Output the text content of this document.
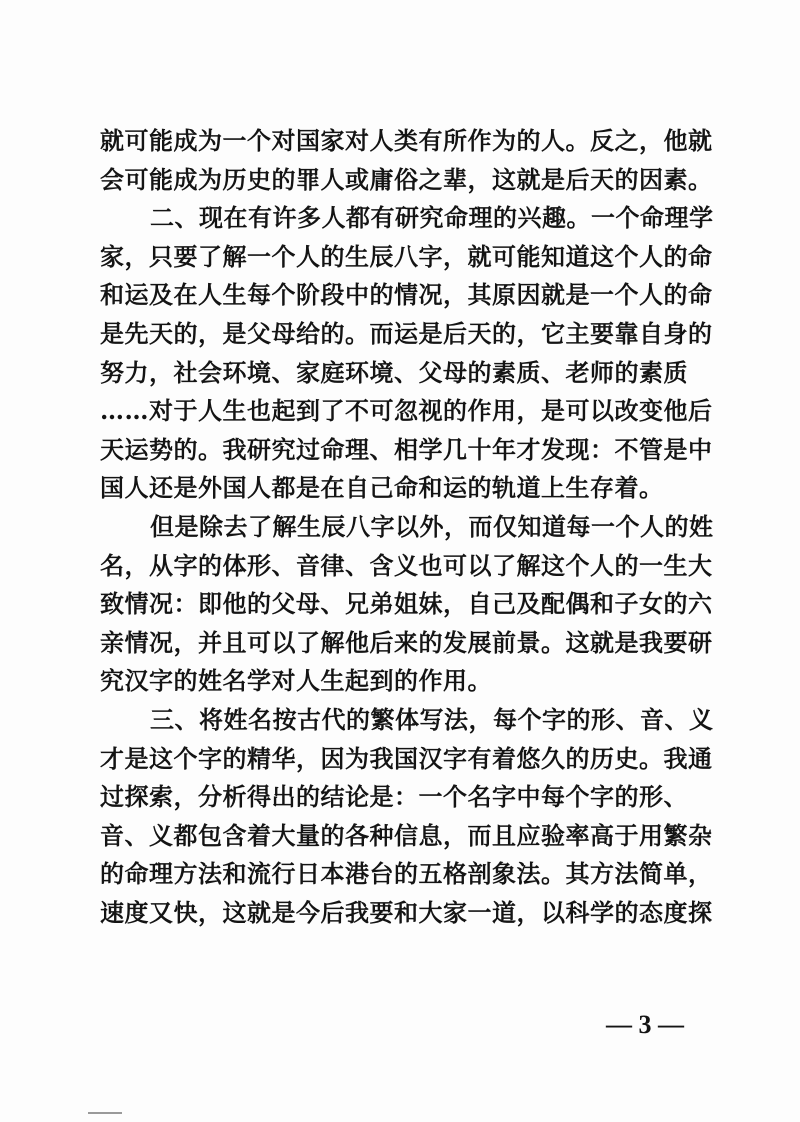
就可能成为一个对国家对人类有所作为的人。反之，他就
会可能成为历史的罪人或庸俗之辈，这就是后天的因素。
二、现在有许多人都有研究命理的兴趣。一个命理学
家，只要了解一个人的生辰八字，就可能知道这个人的命
和运及在人生每个阶段中的情况，其原因就是一个人的命
是先天的，是父母给的。而运是后天的，它主要靠自身的
努力，社会环境、家庭环境、父母的素质、老师的素质
……对于人生也起到了不可忽视的作用，是可以改变他后
天运势的。我研究过命理、相学几十年才发现：不管是中
国人还是外国人都是在自己命和运的轨道上生存着。
但是除去了解生辰八字以外，而仅知道每一个人的姓
名，从字的体形、音律、含义也可以了解这个人的一生大
致情况：即他的父母、兄弟姐妹，自己及配偶和子女的六
亲情况，并且可以了解他后来的发展前景。这就是我要研
究汉字的姓名学对人生起到的作用。
三、将姓名按古代的繁体写法，每个字的形、音、义
才是这个字的精华，因为我国汉字有着悠久的历史。我通
过探索，分析得出的结论是：一个名字中每个字的形、
音、义都包含着大量的各种信息，而且应验率高于用繁杂
的命理方法和流行日本港台的五格剖象法。其方法简单，
速度又快，这就是今后我要和大家一道，以科学的态度探
— 3 —
